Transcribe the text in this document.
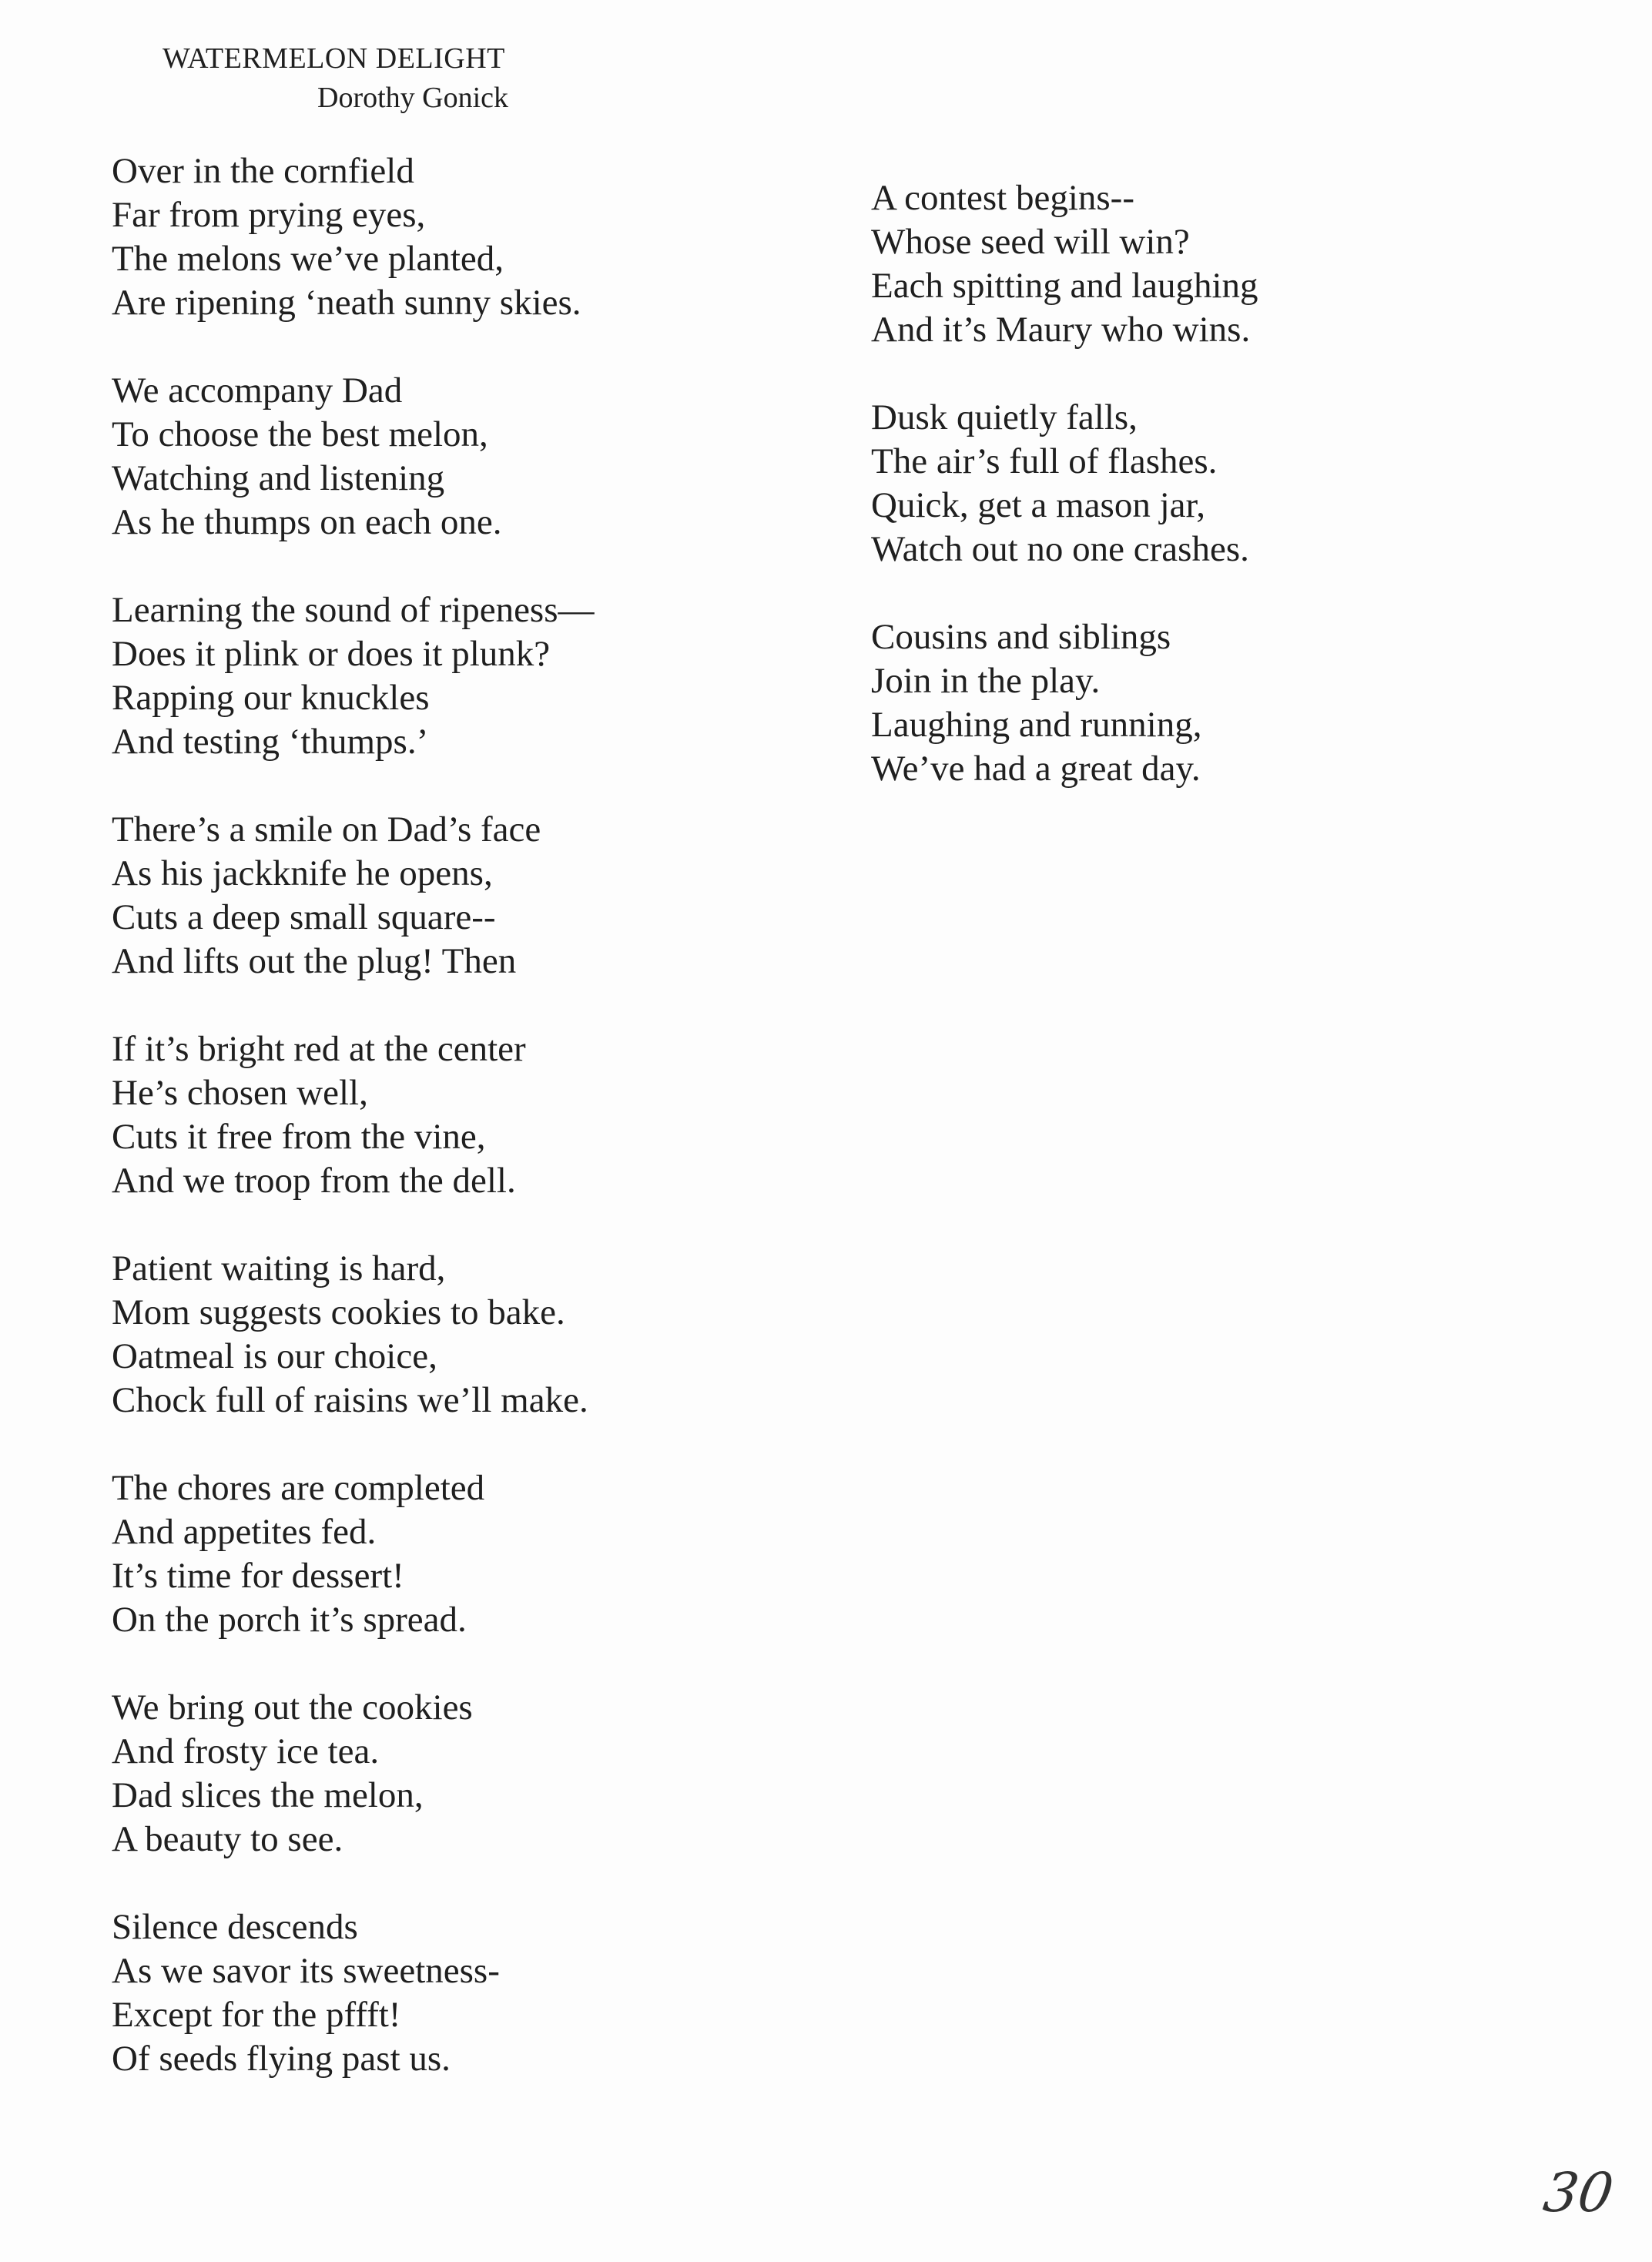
WATERMELON DELIGHT
Dorothy Gonick
Over in the cornfield
Far from prying eyes,
The melons we’ve planted,
Are ripening ‘neath sunny skies.
We accompany Dad
To choose the best melon,
Watching and listening
As he thumps on each one.
Learning the sound of ripeness—
Does it plink or does it plunk?
Rapping our knuckles
And testing ‘thumps.’
There’s a smile on Dad’s face
As his jackknife he opens,
Cuts a deep small square--
And lifts out the plug! Then
If it’s bright red at the center
He’s chosen well,
Cuts it free from the vine,
And we troop from the dell.
Patient waiting is hard,
Mom suggests cookies to bake.
Oatmeal is our choice,
Chock full of raisins we’ll make.
The chores are completed
And appetites fed.
It’s time for dessert!
On the porch it’s spread.
We bring out the cookies
And frosty ice tea.
Dad slices the melon,
A beauty to see.
Silence descends
As we savor its sweetness-
Except for the pffft!
Of seeds flying past us.
A contest begins--
Whose seed will win?
Each spitting and laughing
And it’s Maury who wins.
Dusk quietly falls,
The air’s full of flashes.
Quick, get a mason jar,
Watch out no one crashes.
Cousins and siblings
Join in the play.
Laughing and running,
We’ve had a great day.
30
